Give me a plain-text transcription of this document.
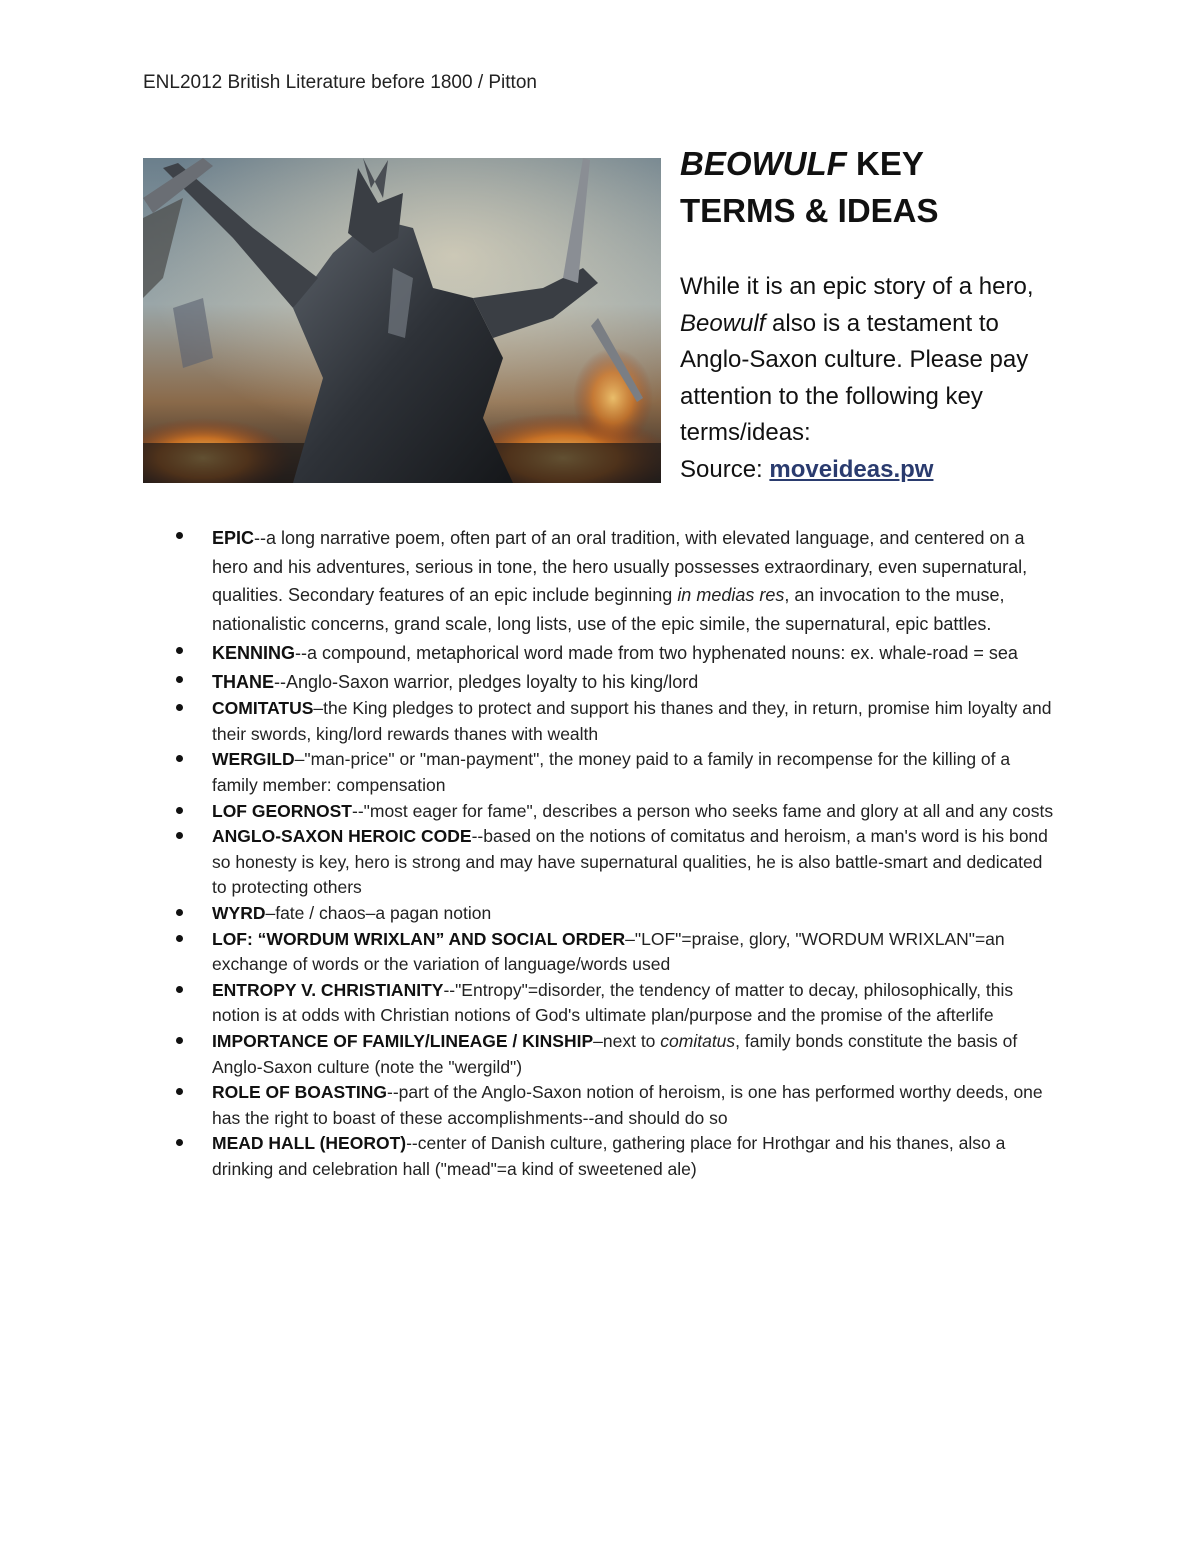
ENL2012 British Literature before 1800 / Pitton
BEOWULF KEY
TERMS & IDEAS

While it is an epic story of a hero, Beowulf also is a testament to Anglo-Saxon culture. Please pay attention to the following key terms/ideas:
Source: moveideas.pw

EPIC--a long narrative poem, often part of an oral tradition, with elevated language, and centered on a hero and his adventures, serious in tone, the hero usually possesses extraordinary, even supernatural, qualities. Secondary features of an epic include beginning in medias res, an invocation to the muse, nationalistic concerns, grand scale, long lists, use of the epic simile, the supernatural, epic battles.
KENNING--a compound, metaphorical word made from two hyphenated nouns: ex. whale-road = sea
THANE--Anglo-Saxon warrior, pledges loyalty to his king/lord
COMITATUS–the King pledges to protect and support his thanes and they, in return, promise him loyalty and their swords, king/lord rewards thanes with wealth
WERGILD–"man-price" or "man-payment", the money paid to a family in recompense for the killing of a family member: compensation
LOF GEORNOST--"most eager for fame", describes a person who seeks fame and glory at all and any costs
ANGLO-SAXON HEROIC CODE--based on the notions of comitatus and heroism, a man's word is his bond so honesty is key, hero is strong and may have supernatural qualities, he is also battle-smart and dedicated to protecting others
WYRD–fate / chaos–a pagan notion
LOF: “WORDUM WRIXLAN” AND SOCIAL ORDER–"LOF"=praise, glory, "WORDUM WRIXLAN"=an exchange of words or the variation of language/words used
ENTROPY V. CHRISTIANITY--"Entropy"=disorder, the tendency of matter to decay, philosophically, this notion is at odds with Christian notions of God's ultimate plan/purpose and the promise of the afterlife
IMPORTANCE OF FAMILY/LINEAGE / KINSHIP–next to comitatus, family bonds constitute the basis of Anglo-Saxon culture (note the "wergild")
ROLE OF BOASTING--part of the Anglo-Saxon notion of heroism, is one has performed worthy deeds, one has the right to boast of these accomplishments--and should do so
MEAD HALL (HEOROT)--center of Danish culture, gathering place for Hrothgar and his thanes, also a drinking and celebration hall ("mead"=a kind of sweetened ale)
